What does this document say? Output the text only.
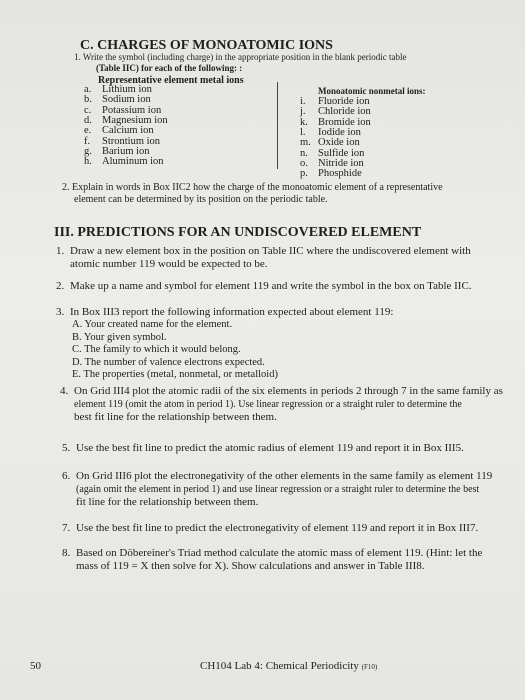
C. CHARGES OF MONOATOMIC IONS
1. Write the symbol (including charge) in the appropriate position in the blank periodic table
(Table IIC) for each of the following: :
Representative element metal ions
Monoatomic nonmetal ions:
a. Lithium ion
b. Sodium ion
c. Potassium ion
d. Magnesium ion
e. Calcium ion
f. Strontium ion
g. Barium ion
h. Aluminum ion
i. Fluoride ion
j. Chloride ion
k. Bromide ion
l. Iodide ion
m. Oxide ion
n. Sulfide ion
o. Nitride ion
p. Phosphide
2. Explain in words in Box IIC2 how the charge of the monoatomic element of a representative
element can be determined by its position on the periodic table.
III. PREDICTIONS FOR AN UNDISCOVERED ELEMENT
1. Draw a new element box in the position on Table IIC where the undiscovered element with
atomic number 119 would be expected to be.
2. Make up a name and symbol for element 119 and write the symbol in the box on Table IIC.
3. In Box III3 report the following information expected about element 119:
4. On Grid III4 plot the atomic radii of the six elements in periods 2 through 7 in the same family as
element 119 (omit the atom in period 1). Use linear regression or a straight ruler to determine the
best fit line for the relationship between them.
5. Use the best fit line to predict the atomic radius of element 119 and report it in Box III5.
6. On Grid III6 plot the electronegativity of the other elements in the same family as element 119
(again omit the element in period 1) and use linear regression or a straight ruler to determine the best
fit line for the relationship between them.
7. Use the best fit line to predict the electronegativity of element 119 and report it in Box III7.
8. Based on Döbereiner's Triad method calculate the atomic mass of element 119. (Hint: let the
mass of 119 = X then solve for X). Show calculations and answer in Table III8.
A. Your created name for the element.
B. Your given symbol.
C. The family to which it would belong.
D. The number of valence electrons expected.
E. The properties (metal, nonmetal, or metalloid)
50	CH104 Lab 4: Chemical Periodicity (F10)
